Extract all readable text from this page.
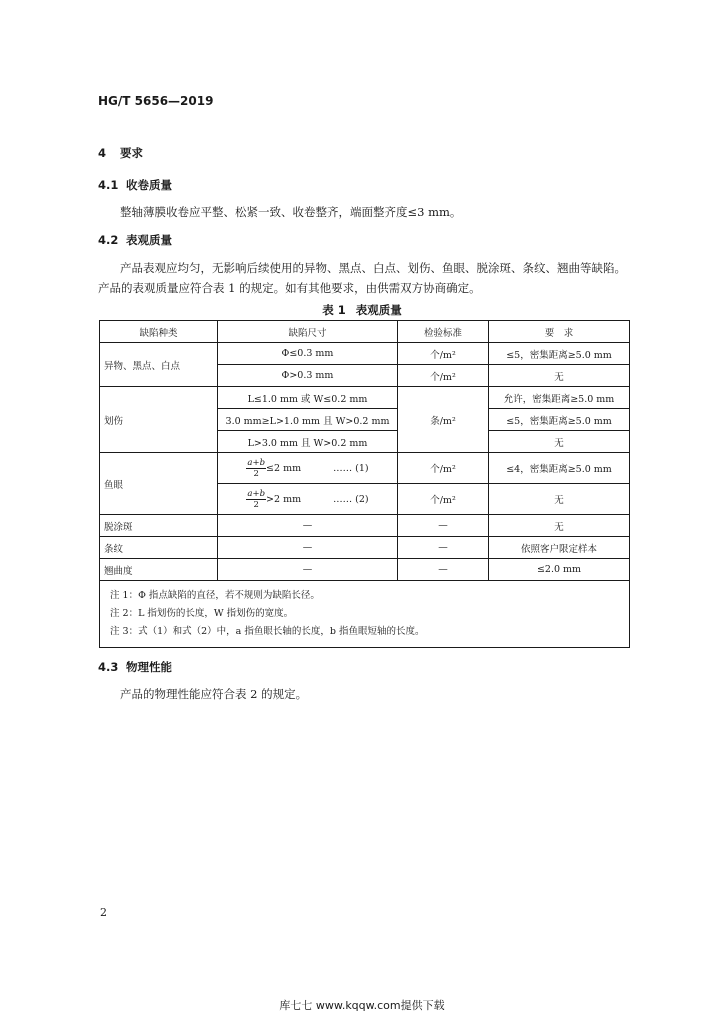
HG/T 5656—2019
4 要求
4.1 收卷质量
整轴薄膜收卷应平整、松紧一致、收卷整齐，端面整齐度≤3 mm。
4.2 表观质量
产品表观应均匀，无影响后续使用的异物、黑点、白点、划伤、鱼眼、脱涂斑、条纹、翘曲等缺陷。产品的表观质量应符合表 1 的规定。如有其他要求，由供需双方协商确定。
表 1 表观质量
缺陷种类	缺陷尺寸	检验标准	要　求
异物、黑点、白点	Φ≤0.3 mm	个/m²	≤5，密集距离≥5.0 mm
	Φ>0.3 mm	个/m²	无
划伤	L≤1.0 mm 或 W≤0.2 mm	条/m²	允许，密集距离≥5.0 mm
	3.0 mm≥L>1.0 mm 且 W>0.2 mm		≤5，密集距离≥5.0 mm
	L>3.0 mm 且 W>0.2 mm		无
鱼眼	$\frac{a+b}{2} \le 2$ mm …… (1)	个/m²	≤4，密集距离≥5.0 mm

	$\frac{a+b}{2} >2$ mm …… (2)	个/m²	无
脱涂斑	—	—	无
条纹	—	—	依照客户限定样本
翘曲度	—	—	≤2.0 mm

注 1：Φ 指点缺陷的直径，若不规则为缺陷长径。
注 2：L 指划伤的长度，W 指划伤的宽度。
注 3：式（1）和式（2）中，a 指鱼眼长轴的长度，b 指鱼眼短轴的长度。			
4.3 物理性能
产品的物理性能应符合表 2 的规定。
2
库七七 www.kqqw.com提供下载
